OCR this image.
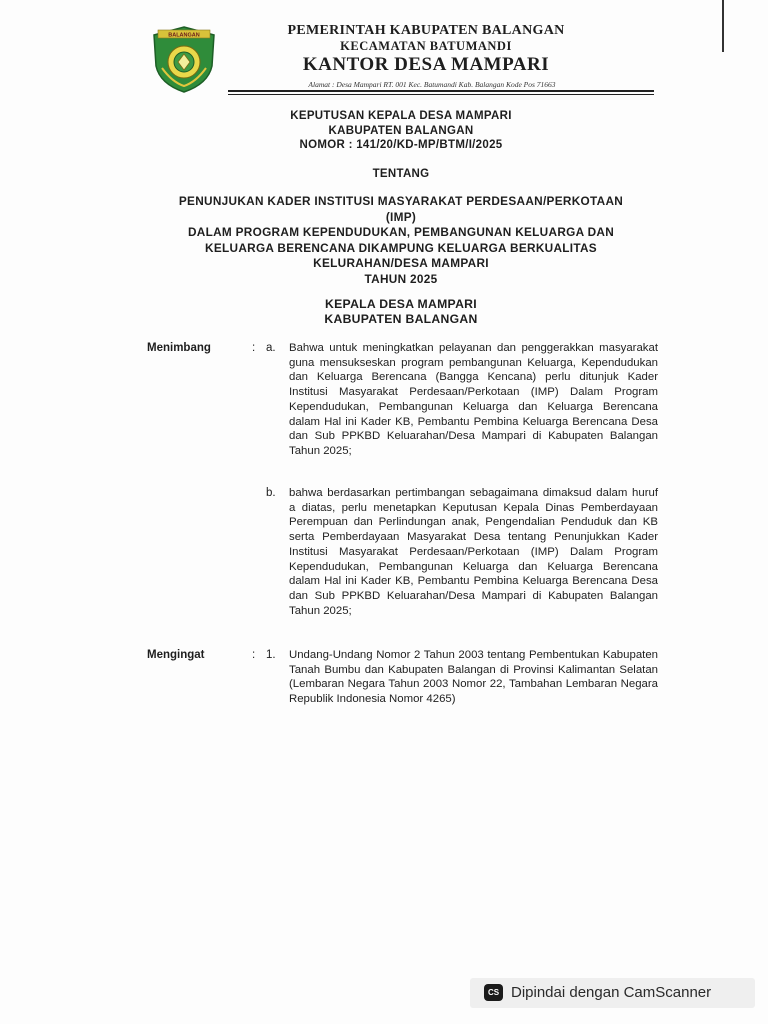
BALANGAN	PEMERINTAH KABUPATEN BALANGAN
KECAMATAN BATUMANDI
KANTOR DESA MAMPARI
Alamat : Desa Mampari RT. 001 Kec. Batumandi Kab. Balangan Kode Pos 71663
KEPUTUSAN KEPALA DESA MAMPARI
KABUPATEN BALANGAN
NOMOR : 141/20/KD-MP/BTM/I/2025
TENTANG
PENUNJUKAN KADER INSTITUSI MASYARAKAT PERDESAAN/PERKOTAAN
(IMP)
DALAM PROGRAM KEPENDUDUKAN, PEMBANGUNAN KELUARGA DAN
KELUARGA BERENCANA DIKAMPUNG KELUARGA BERKUALITAS
KELURAHAN/DESA MAMPARI
TAHUN 2025
KEPALA DESA MAMPARI
KABUPATEN BALANGAN
Menimbang	: a. Bahwa untuk meningkatkan pelayanan dan penggerakkan masyarakat guna mensukseskan program pembangunan Keluarga, Kependudukan dan Keluarga Berencana (Bangga Kencana) perlu ditunjuk Kader Institusi Masyarakat Perdesaan/Perkotaan (IMP) Dalam Program Kependudukan, Pembangunan Keluarga dan Keluarga Berencana dalam Hal ini Kader KB, Pembantu Pembina Keluarga Berencana Desa dan Sub PPKBD Keluarahan/Desa Mampari di Kabupaten Balangan Tahun 2025;
b. bahwa berdasarkan pertimbangan sebagaimana dimaksud dalam huruf a diatas, perlu menetapkan Keputusan Kepala Dinas Pemberdayaan Perempuan dan Perlindungan anak, Pengendalian Penduduk dan KB serta Pemberdayaan Masyarakat Desa tentang Penunjukkan Kader Institusi Masyarakat Perdesaan/Perkotaan (IMP) Dalam Program Kependudukan, Pembangunan Keluarga dan Keluarga Berencana dalam Hal ini Kader KB, Pembantu Pembina Keluarga Berencana Desa dan Sub PPKBD Keluarahan/Desa Mampari di Kabupaten Balangan Tahun 2025;
Mengingat	: 1. Undang-Undang Nomor 2 Tahun 2003 tentang Pembentukan Kabupaten Tanah Bumbu dan Kabupaten Balangan di Provinsi Kalimantan Selatan (Lembaran Negara Tahun 2003 Nomor 22, Tambahan Lembaran Negara Republik Indonesia Nomor 4265)
CS Dipindai dengan CamScanner
